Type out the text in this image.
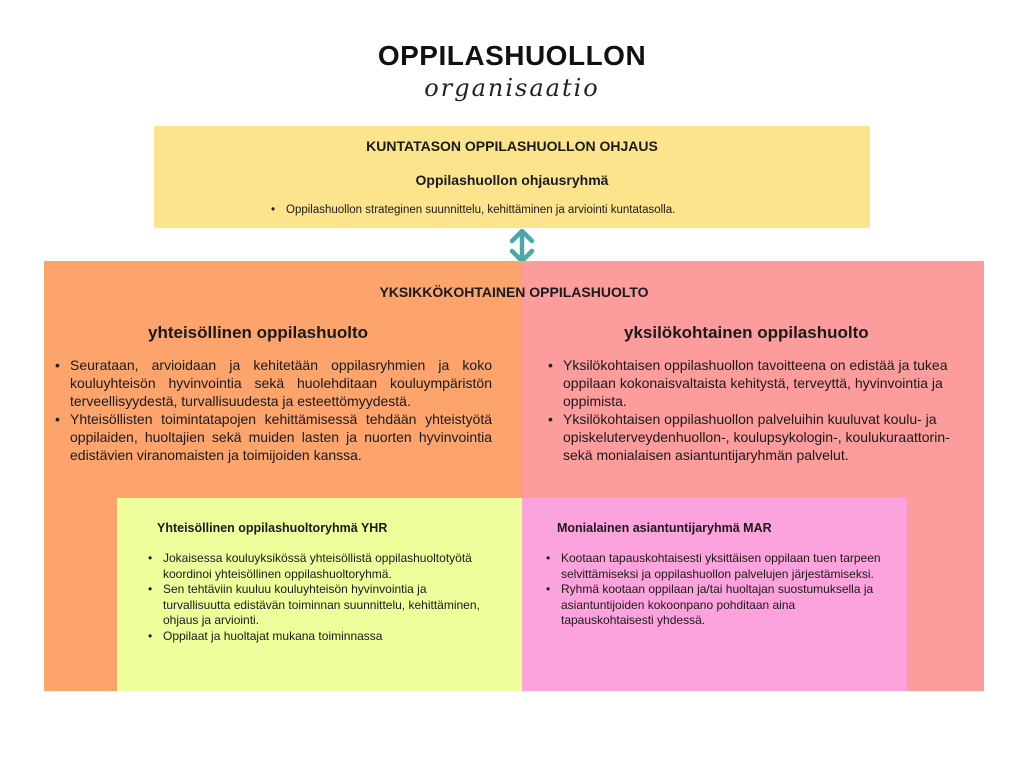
OPPILASHUOLLON
organisaatio
KUNTATASON OPPILASHUOLLON OHJAUS
Oppilashuollon ohjausryhmä
• Oppilashuollon strateginen suunnittelu, kehittäminen ja arviointi kuntatasolla.
YKSIKKÖKOHTAINEN OPPILASHUOLTO
yhteisöllinen oppilashuolto	yksilökohtainen oppilashuolto
• Seurataan, arvioidaan ja kehitetään oppilasryhmien ja koko kouluyhteisön hyvinvointia sekä huolehditaan kouluympäristön terveellisyydestä, turvallisuudesta ja esteettömyydestä.
• Yhteisöllisten toimintatapojen kehittämisessä tehdään yhteistyötä oppilaiden, huoltajien sekä muiden lasten ja nuorten hyvinvointia edistävien viranomaisten ja toimijoiden kanssa.
• Yksilökohtaisen oppilashuollon tavoitteena on edistää ja tukea oppilaan kokonaisvaltaista kehitystä, terveyttä, hyvinvointia ja oppimista.
• Yksilökohtaisen oppilashuollon palveluihin kuuluvat koulu- ja opiskeluterveydenhuollon-, koulupsykologin-, koulukuraattorin- sekä monialaisen asiantuntijaryhmän palvelut.
Yhteisöllinen oppilashuoltoryhmä YHR	Monialainen asiantuntijaryhmä MAR
• Jokaisessa kouluyksikössä yhteisöllistä oppilashuoltotyötä koordinoi yhteisöllinen oppilashuoltoryhmä.
• Sen tehtäviin kuuluu kouluyhteisön hyvinvointia ja turvallisuutta edistävän toiminnan suunnittelu, kehittäminen, ohjaus ja arviointi.
• Oppilaat ja huoltajat mukana toiminnassa
• Kootaan tapauskohtaisesti yksittäisen oppilaan tuen tarpeen selvittämiseksi ja oppilashuollon palvelujen järjestämiseksi.
• Ryhmä kootaan oppilaan ja/tai huoltajan suostumuksella ja asiantuntijoiden kokoonpano pohditaan aina tapauskohtaisesti yhdessä.
